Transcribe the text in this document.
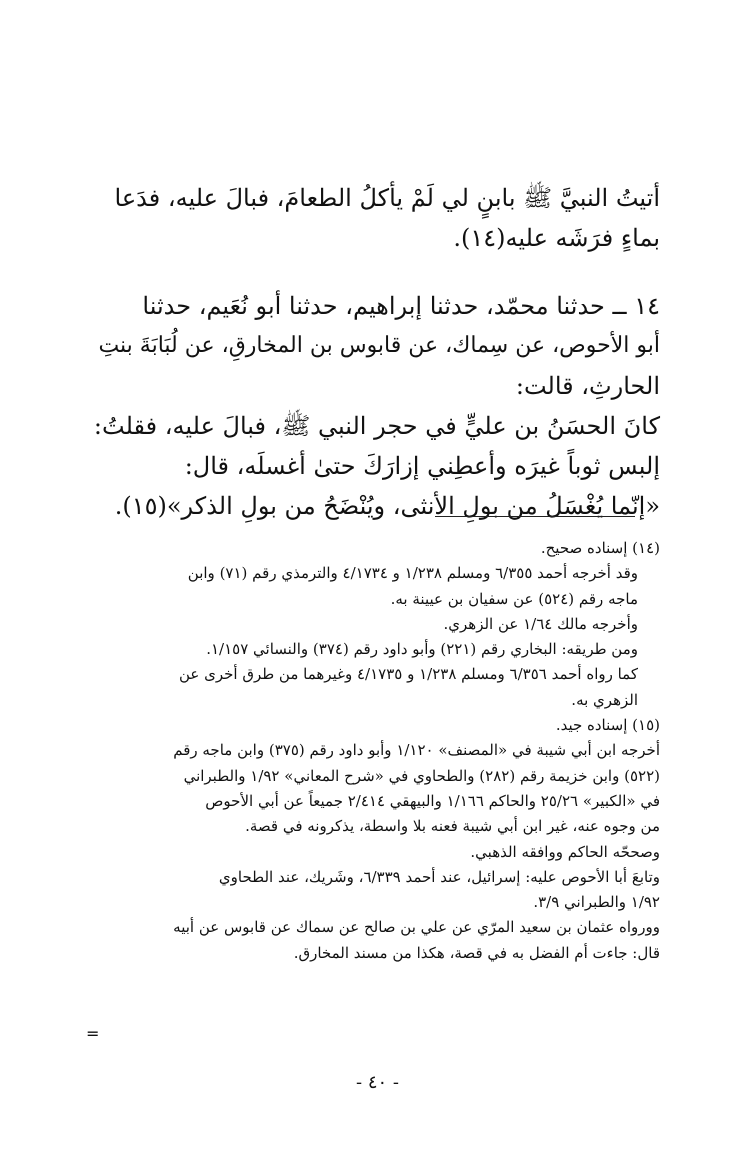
أتيتُ النبيَّ ﷺ بابنٍ لي لَمْ يأكلُ الطعامَ، فبالَ عليه، فدَعا
بماءٍ فرَشَه عليه(١٤).
١٤ ــ حدثنا محمّد، حدثنا إبراهيم، حدثنا أبو نُعَيم، حدثنا
أبو الأحوص، عن سِماك، عن قابوس بن المخارقِ، عن لُبَابَةَ بنتِ
الحارثِ، قالت:
كانَ الحسَنُ بن عليٍّ في حجر النبي ﷺ، فبالَ عليه، فقلتُ:
إلبس ثوباً غيرَه وأعطِني إزارَكَ حتىٰ أغسلَه، قال:
«إنّما يُغْسَلُ من بولِ الأنثى، ويُنْضَحُ من بولِ الذكر»(١٥).
(١٤) إسناده صحيح.
وقد أخرجه أحمد ٦/٣٥٥ ومسلم ١/٢٣٨ و ٤/١٧٣٤ والترمذي رقم (٧١) وابن
ماجه رقم (٥٢٤) عن سفيان بن عيينة به.
وأخرجه مالك ١/٦٤ عن الزهري.
ومن طريقه: البخاري رقم (٢٢١) وأبو داود رقم (٣٧٤) والنسائي ١/١٥٧.
كما رواه أحمد ٦/٣٥٦ ومسلم ١/٢٣٨ و ٤/١٧٣٥ وغيرهما من طرق أخرى عن
الزهري به.
(١٥) إسناده جيد.
أخرجه ابن أبي شيبة في «المصنف» ١/١٢٠ وأبو داود رقم (٣٧٥) وابن ماجه رقم
(٥٢٢) وابن خزيمة رقم (٢٨٢) والطحاوي في «شرح المعاني» ١/٩٢ والطبراني
في «الكبير» ٢٥/٢٦ والحاكم ١/١٦٦ والبيهقي ٢/٤١٤ جميعاً عن أبي الأحوص
من وجوه عنه، غير ابن أبي شيبة فعنه بلا واسطة، يذكرونه في قصة.
وصححّه الحاكم ووافقه الذهبي.
وتابعَ أبا الأحوص عليه: إسرائيل، عند أحمد ٦/٣٣٩، وشَريك، عند الطحاوي
١/٩٢ والطبراني ٣/٩.
وورواه عثمان بن سعيد المرّي عن علي بن صالح عن سماك عن قابوس عن أبيه
قال: جاءت أم الفضل به في قصة، هكذا من مسند المخارق.
=
- ٤٠ -
